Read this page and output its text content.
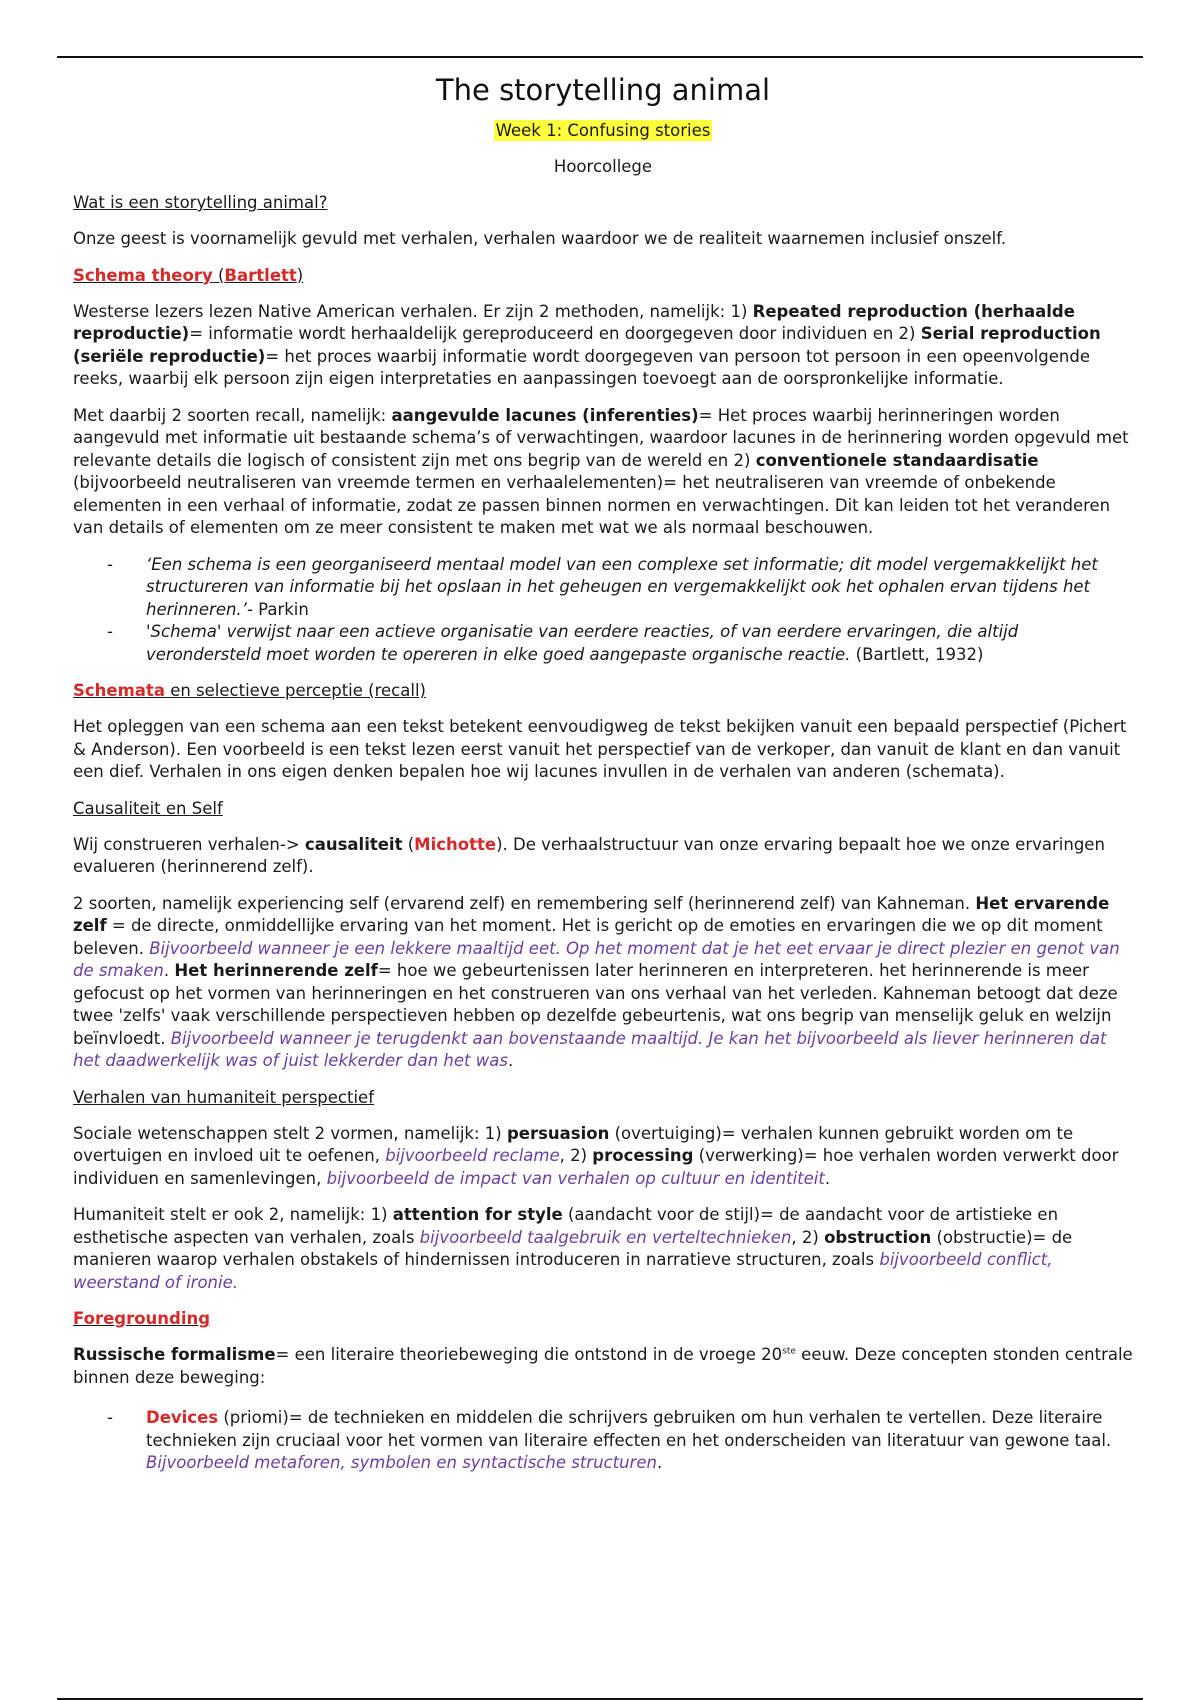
The storytelling animal
Week 1: Confusing stories
Hoorcollege
Wat is een storytelling animal?

Onze geest is voornamelijk gevuld met verhalen, verhalen waardoor we de realiteit waarnemen inclusief onszelf.

Schema theory (Bartlett)

Westerse lezers lezen Native American verhalen. Er zijn 2 methoden, namelijk: 1) Repeated reproduction (herhaalde reproductie)= informatie wordt herhaaldelijk gereproduceerd en doorgegeven door individuen en 2) Serial reproduction (seriële reproductie)= het proces waarbij informatie wordt doorgegeven van persoon tot persoon in een opeenvolgende reeks, waarbij elk persoon zijn eigen interpretaties en aanpassingen toevoegt aan de oorspronkelijke informatie.

Met daarbij 2 soorten recall, namelijk: aangevulde lacunes (inferenties)= Het proces waarbij herinneringen worden aangevuld met informatie uit bestaande schema’s of verwachtingen, waardoor lacunes in de herinnering worden opgevuld met relevante details die logisch of consistent zijn met ons begrip van de wereld en 2) conventionele standaardisatie (bijvoorbeeld neutraliseren van vreemde termen en verhaalelementen)= het neutraliseren van vreemde of onbekende elementen in een verhaal of informatie, zodat ze passen binnen normen en verwachtingen. Dit kan leiden tot het veranderen van details of elementen om ze meer consistent te maken met wat we als normaal beschouwen.

- ‘Een schema is een georganiseerd mentaal model van een complexe set informatie; dit model vergemakkelijkt het structureren van informatie bij het opslaan in het geheugen en vergemakkelijkt ook het ophalen ervan tijdens het herinneren.’- Parkin
- 'Schema' verwijst naar een actieve organisatie van eerdere reacties, of van eerdere ervaringen, die altijd verondersteld moet worden te opereren in elke goed aangepaste organische reactie. (Bartlett, 1932)
Schemata en selectieve perceptie (recall)

Het opleggen van een schema aan een tekst betekent eenvoudigweg de tekst bekijken vanuit een bepaald perspectief (Pichert & Anderson). Een voorbeeld is een tekst lezen eerst vanuit het perspectief van de verkoper, dan vanuit de klant en dan vanuit een dief. Verhalen in ons eigen denken bepalen hoe wij lacunes invullen in de verhalen van anderen (schemata).

Causaliteit en Self

Wij construeren verhalen-> causaliteit (Michotte). De verhaalstructuur van onze ervaring bepaalt hoe we onze ervaringen evalueren (herinnerend zelf).

2 soorten, namelijk experiencing self (ervarend zelf) en remembering self (herinnerend zelf) van Kahneman. Het ervarende zelf = de directe, onmiddellijke ervaring van het moment. Het is gericht op de emoties en ervaringen die we op dit moment beleven. Bijvoorbeeld wanneer je een lekkere maaltijd eet. Op het moment dat je het eet ervaar je direct plezier en genot van de smaken. Het herinnerende zelf= hoe we gebeurtenissen later herinneren en interpreteren. het herinnerende is meer gefocust op het vormen van herinneringen en het construeren van ons verhaal van het verleden. Kahneman betoogt dat deze twee 'zelfs' vaak verschillende perspectieven hebben op dezelfde gebeurtenis, wat ons begrip van menselijk geluk en welzijn beïnvloedt. Bijvoorbeeld wanneer je terugdenkt aan bovenstaande maaltijd. Je kan het bijvoorbeeld als liever herinneren dat het daadwerkelijk was of juist lekkerder dan het was.

Verhalen van humaniteit perspectief

Sociale wetenschappen stelt 2 vormen, namelijk: 1) persuasion (overtuiging)= verhalen kunnen gebruikt worden om te overtuigen en invloed uit te oefenen, bijvoorbeeld reclame, 2) processing (verwerking)= hoe verhalen worden verwerkt door individuen en samenlevingen, bijvoorbeeld de impact van verhalen op cultuur en identiteit.

Humaniteit stelt er ook 2, namelijk: 1) attention for style (aandacht voor de stijl)= de aandacht voor de artistieke en esthetische aspecten van verhalen, zoals bijvoorbeeld taalgebruik en verteltechnieken, 2) obstruction (obstructie)= de manieren waarop verhalen obstakels of hindernissen introduceren in narratieve structuren, zoals bijvoorbeeld conflict, weerstand of ironie.

Foregrounding

Russische formalisme= een literaire theoriebeweging die ontstond in de vroege 20ste eeuw. Deze concepten stonden centrale binnen deze beweging:

- Devices (priomi)= de technieken en middelen die schrijvers gebruiken om hun verhalen te vertellen. Deze literaire technieken zijn cruciaal voor het vormen van literaire effecten en het onderscheiden van literatuur van gewone taal. Bijvoorbeeld metaforen, symbolen en syntactische structuren.
